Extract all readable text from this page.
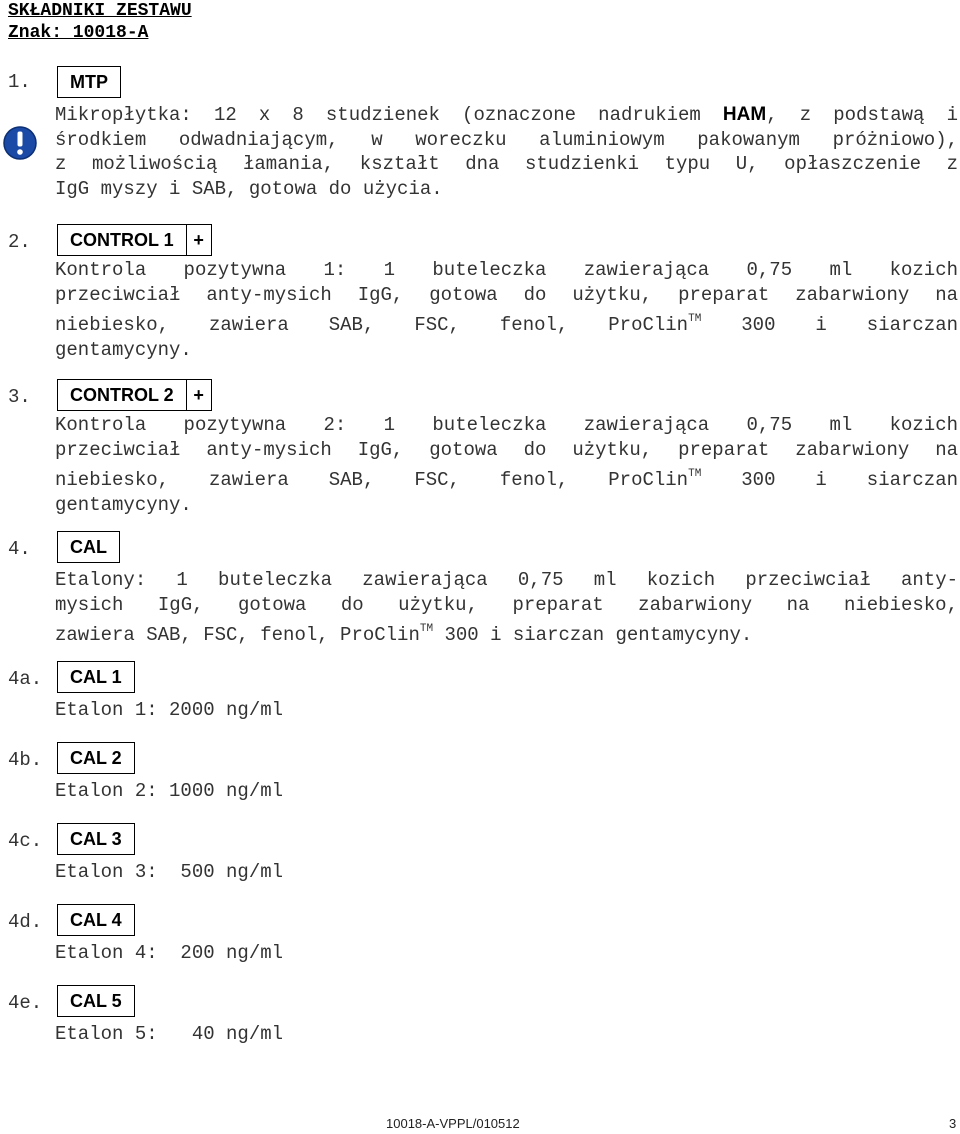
SKŁADNIKI ZESTAWU
Znak: 10018-A
1.	MTP
Mikropłytka: 12 x 8 studzienek (oznaczone nadrukiem HAM, z podstawą i
środkiem odwadniającym, w woreczku aluminiowym pakowanym próżniowo),
z możliwością łamania, kształt dna studzienki typu U, opłaszczenie z
IgG myszy i SAB, gotowa do użycia.
2.	CONTROL 1	+
Kontrola pozytywna 1: 1 buteleczka zawierająca 0,75 ml kozich
przeciwciał anty-mysich IgG, gotowa do użytku, preparat zabarwiony na
niebiesko, zawiera SAB, FSC, fenol, ProClin™ 300 i siarczan
gentamycyny.
3.	CONTROL 2	+
Kontrola pozytywna 2: 1 buteleczka zawierająca 0,75 ml kozich
przeciwciał anty-mysich IgG, gotowa do użytku, preparat zabarwiony na
niebiesko, zawiera SAB, FSC, fenol, ProClin™ 300 i siarczan
gentamycyny.
4.	CAL
Etalony: 1 buteleczka zawierająca 0,75 ml kozich przeciwciał anty-
mysich IgG, gotowa do użytku, preparat zabarwiony na niebiesko,
zawiera SAB, FSC, fenol, ProClin™ 300 i siarczan gentamycyny.
4a.	CAL 1
Etalon 1: 2000 ng/ml
4b.	CAL 2
Etalon 2: 1000 ng/ml
4c.	CAL 3
Etalon 3:  500 ng/ml
4d.	CAL 4
Etalon 4:  200 ng/ml
4e.	CAL 5
Etalon 5:   40 ng/ml
10018-A-VPPL/010512	3
